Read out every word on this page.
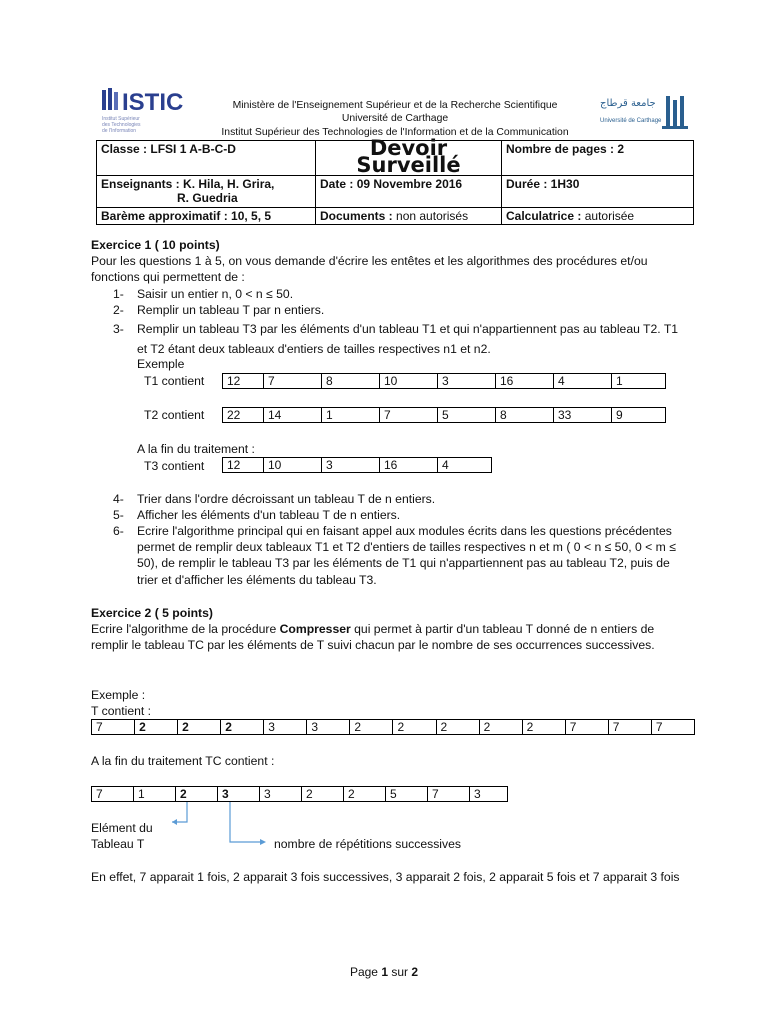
ISTIC
Institut Supérieur
des Technologies
de l'Information
جامعة قرطاج
Université de Carthage
Ministère de l'Enseignement Supérieur et de la Recherche Scientifique
Université de Carthage
Institut Supérieur des Technologies de l'Information et de la Communication
Classe : LFSI 1 A-B-C-D	Devoir Surveillé	Nombre de pages : 2
Enseignants : K. Hila, H. Grira,
R. Guedria	Date : 09 Novembre 2016	Durée : 1H30
Barème approximatif : 10, 5, 5	Documents : non autorisés	Calculatrice : autorisée
Exercice 1 ( 10 points)
Pour les questions 1 à 5, on vous demande d'écrire les entêtes et les algorithmes des procédures et/ou fonctions qui permettent de :
1- Saisir un entier n, 0 < n ≤ 50.
2- Remplir un tableau T par n entiers.
3-	Remplir un tableau T3 par les éléments d'un tableau T1 et qui n'appartiennent pas au tableau T2. T1 et T2 étant deux tableaux d'entiers de tailles respectives n1 et n2.
Exemple
T1 contient	12	7	8	10	3	16	4	1
T2 contient	22	14	1	7	5	8	33	9
A la fin du traitement :
T3 contient	12	10	3	16	4
4- Trier dans l'ordre décroissant un tableau T de n entiers.
5- Afficher les éléments d'un tableau T de n entiers.
6-	Ecrire l'algorithme principal qui en faisant appel aux modules écrits dans les questions précédentes permet de remplir deux tableaux T1 et T2 d'entiers de tailles respectives n et m ( 0 < n ≤ 50, 0 < m ≤ 50), de remplir le tableau T3 par les éléments de T1 qui n'appartiennent pas au tableau T2, puis de trier et d'afficher les éléments du tableau T3.
Exercice 2 ( 5 points)
Ecrire l'algorithme de la procédure Compresser qui permet à partir d'un tableau T donné de n entiers de remplir le tableau TC par les éléments de T suivi chacun par le nombre de ses occurrences successives.
Exemple :
T contient :
7	2	2	2	3	3	2	2	2	2	2	7	7	7
A la fin du traitement TC contient :
7	1	2	3	3	2	2	5	7	3
Elément du
Tableau T	nombre de répétitions successives
En effet, 7 apparait 1 fois, 2 apparait 3 fois successives, 3 apparait 2 fois, 2 apparait 5 fois et 7 apparait 3 fois
Page 1 sur 2
